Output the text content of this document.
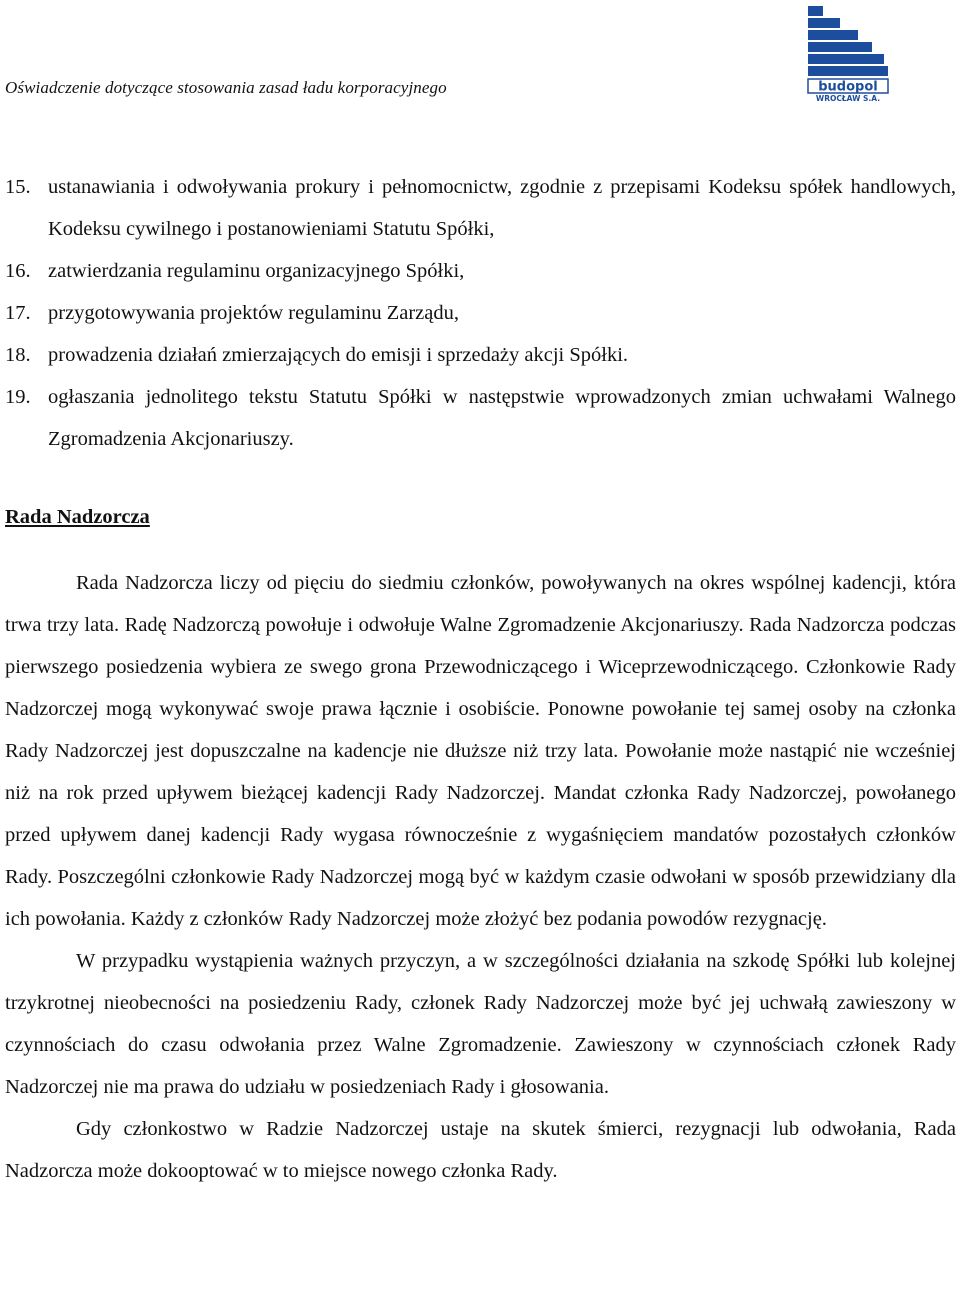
Oświadczenie dotyczące stosowania zasad ładu korporacyjnego	budopol
WROCŁAW S.A.
15. ustanawiania i odwoływania prokury i pełnomocnictw, zgodnie z przepisami Kodeksu spółek handlowych, Kodeksu cywilnego i postanowieniami Statutu Spółki,
16. zatwierdzania regulaminu organizacyjnego Spółki,
17. przygotowywania projektów regulaminu Zarządu,
18. prowadzenia działań zmierzających do emisji i sprzedaży akcji Spółki.
19. ogłaszania jednolitego tekstu Statutu Spółki w następstwie wprowadzonych zmian uchwałami Walnego Zgromadzenia Akcjonariuszy.
Rada Nadzorcza

Rada Nadzorcza liczy od pięciu do siedmiu członków, powoływanych na okres wspólnej kadencji, która trwa trzy lata. Radę Nadzorczą powołuje i odwołuje Walne Zgromadzenie Akcjonariuszy. Rada Nadzorcza podczas pierwszego posiedzenia wybiera ze swego grona Przewodniczącego i Wiceprzewodniczącego. Członkowie Rady Nadzorczej mogą wykonywać swoje prawa łącznie i osobiście. Ponowne powołanie tej samej osoby na członka Rady Nadzorczej jest dopuszczalne na kadencje nie dłuższe niż trzy lata. Powołanie może nastąpić nie wcześniej niż na rok przed upływem bieżącej kadencji Rady Nadzorczej. Mandat członka Rady Nadzorczej, powołanego przed upływem danej kadencji Rady wygasa równocześnie z wygaśnięciem mandatów pozostałych członków Rady. Poszczególni członkowie Rady Nadzorczej mogą być w każdym czasie odwołani w sposób przewidziany dla ich powołania. Każdy z członków Rady Nadzorczej może złożyć bez podania powodów rezygnację.

W przypadku wystąpienia ważnych przyczyn, a w szczególności działania na szkodę Spółki lub kolejnej trzykrotnej nieobecności na posiedzeniu Rady, członek Rady Nadzorczej może być jej uchwałą zawieszony w czynnościach do czasu odwołania przez Walne Zgromadzenie. Zawieszony w czynnościach członek Rady Nadzorczej nie ma prawa do udziału w posiedzeniach Rady i głosowania.

Gdy członkostwo w Radzie Nadzorczej ustaje na skutek śmierci, rezygnacji lub odwołania, Rada Nadzorcza może dokooptować w to miejsce nowego członka Rady.
